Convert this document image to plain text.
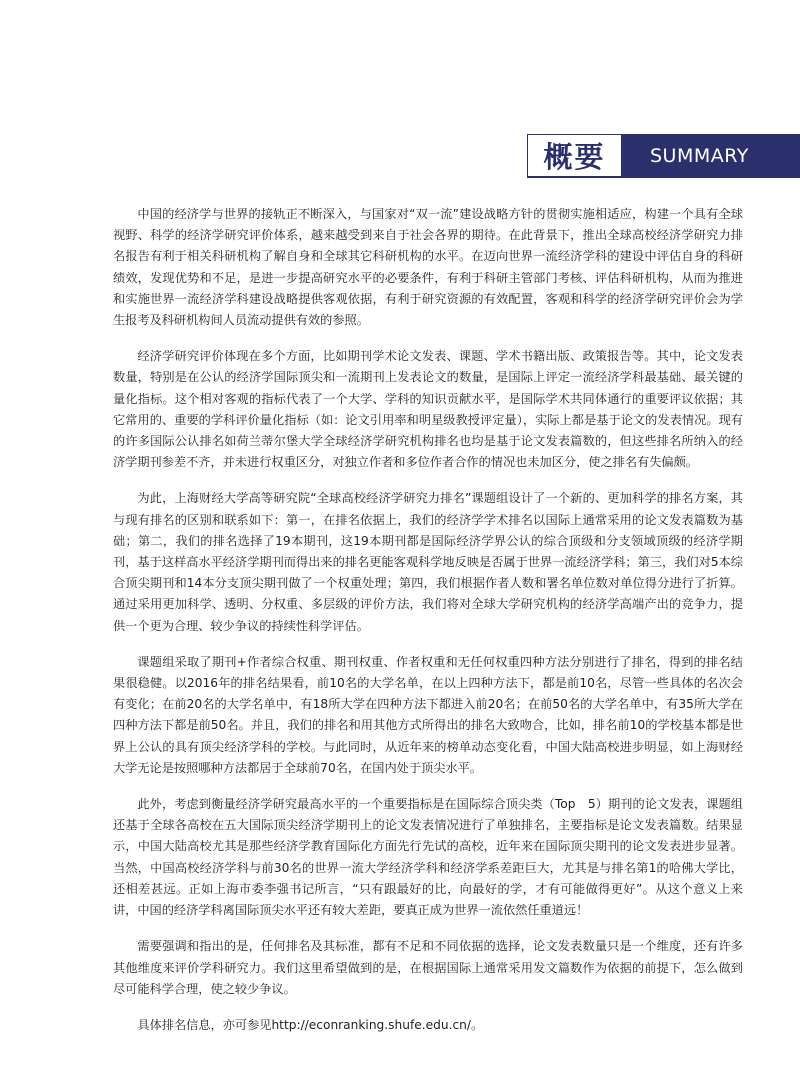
概要 SUMMARY

中国的经济学与世界的接轨正不断深入，与国家对“双一流”建设战略方针的贯彻实施相适应，构建一个具有全球视野、科学的经济学研究评价体系，越来越受到来自于社会各界的期待。在此背景下，推出全球高校经济学研究力排名报告有利于相关科研机构了解自身和全球其它科研机构的水平。在迈向世界一流经济学科的建设中评估自身的科研绩效，发现优势和不足，是进一步提高研究水平的必要条件，有利于科研主管部门考核、评估科研机构，从而为推进和实施世界一流经济学科建设战略提供客观依据，有利于研究资源的有效配置，客观和科学的经济学研究评价会为学生报考及科研机构间人员流动提供有效的参照。

经济学研究评价体现在多个方面，比如期刊学术论文发表、课题、学术书籍出版、政策报告等。其中，论文发表数量，特别是在公认的经济学国际顶尖和一流期刊上发表论文的数量，是国际上评定一流经济学科最基础、最关键的量化指标。这个相对客观的指标代表了一个大学、学科的知识贡献水平，是国际学术共同体通行的重要评议依据；其它常用的、重要的学科评价量化指标（如：论文引用率和明星级教授评定量），实际上都是基于论文的发表情况。现有的许多国际公认排名如荷兰蒂尔堡大学全球经济学研究机构排名也均是基于论文发表篇数的，但这些排名所纳入的经济学期刊参差不齐，并未进行权重区分，对独立作者和多位作者合作的情况也未加区分，使之排名有失偏颇。

为此，上海财经大学高等研究院“全球高校经济学研究力排名”课题组设计了一个新的、更加科学的排名方案，其与现有排名的区别和联系如下：第一，在排名依据上，我们的经济学学术排名以国际上通常采用的论文发表篇数为基础；第二，我们的排名选择了19本期刊，这19本期刊都是国际经济学界公认的综合顶级和分支领域顶级的经济学期刊，基于这样高水平经济学期刊而得出来的排名更能客观科学地反映是否属于世界一流经济学科；第三，我们对5本综合顶尖期刊和14本分支顶尖期刊做了一个权重处理；第四，我们根据作者人数和署名单位数对单位得分进行了折算。通过采用更加科学、透明、分权重、多层级的评价方法，我们将对全球大学研究机构的经济学高端产出的竞争力，提供一个更为合理、较少争议的持续性科学评估。

课题组采取了期刊+作者综合权重、期刊权重、作者权重和无任何权重四种方法分别进行了排名，得到的排名结果很稳健。以2016年的排名结果看，前10名的大学名单，在以上四种方法下，都是前10名，尽管一些具体的名次会有变化；在前20名的大学名单中，有18所大学在四种方法下都进入前20名；在前50名的大学名单中，有35所大学在四种方法下都是前50名。并且，我们的排名和用其他方式所得出的排名大致吻合，比如，排名前10的学校基本都是世界上公认的具有顶尖经济学科的学校。与此同时，从近年来的榜单动态变化看，中国大陆高校进步明显，如上海财经大学无论是按照哪种方法都居于全球前70名，在国内处于顶尖水平。

此外，考虑到衡量经济学研究最高水平的一个重要指标是在国际综合顶尖类（Top　5）期刊的论文发表，课题组还基于全球各高校在五大国际顶尖经济学期刊上的论文发表情况进行了单独排名，主要指标是论文发表篇数。结果显示，中国大陆高校尤其是那些经济学教育国际化方面先行先试的高校，近年来在国际顶尖期刊的论文发表进步显著。当然，中国高校经济学科与前30名的世界一流大学经济学科和经济学系差距巨大，尤其是与排名第1的哈佛大学比，还相差甚远。正如上海市委李强书记所言，“只有跟最好的比，向最好的学，才有可能做得更好”。从这个意义上来讲，中国的经济学科离国际顶尖水平还有较大差距，要真正成为世界一流依然任重道远！

需要强调和指出的是，任何排名及其标准，都有不足和不同依据的选择，论文发表数量只是一个维度，还有许多其他维度来评价学科研究力。我们这里希望做到的是，在根据国际上通常采用发文篇数作为依据的前提下，怎么做到尽可能科学合理，使之较少争议。

具体排名信息，亦可参见http://econranking.shufe.edu.cn/。
